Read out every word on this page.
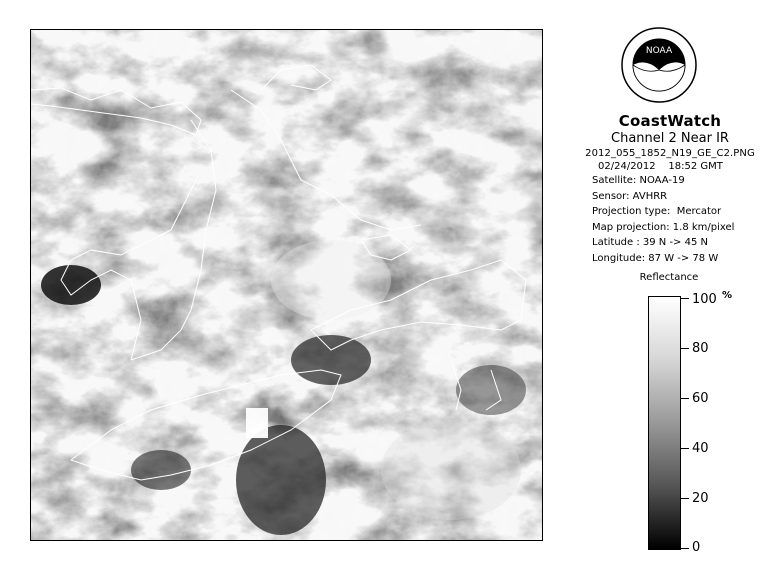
NOAA
CoastWatch
Channel 2 Near IR
2012_055_1852_N19_GE_C2.PNG
02/24/2012 18:52 GMT
Satellite: NOAA-19
Sensor: AVHRR
Projection type:  Mercator
Map projection: 1.8 km/pixel
Latitude : 39 N -> 45 N
Longitude: 87 W -> 78 W
Reflectance
%
100
80
60
40
20
0
